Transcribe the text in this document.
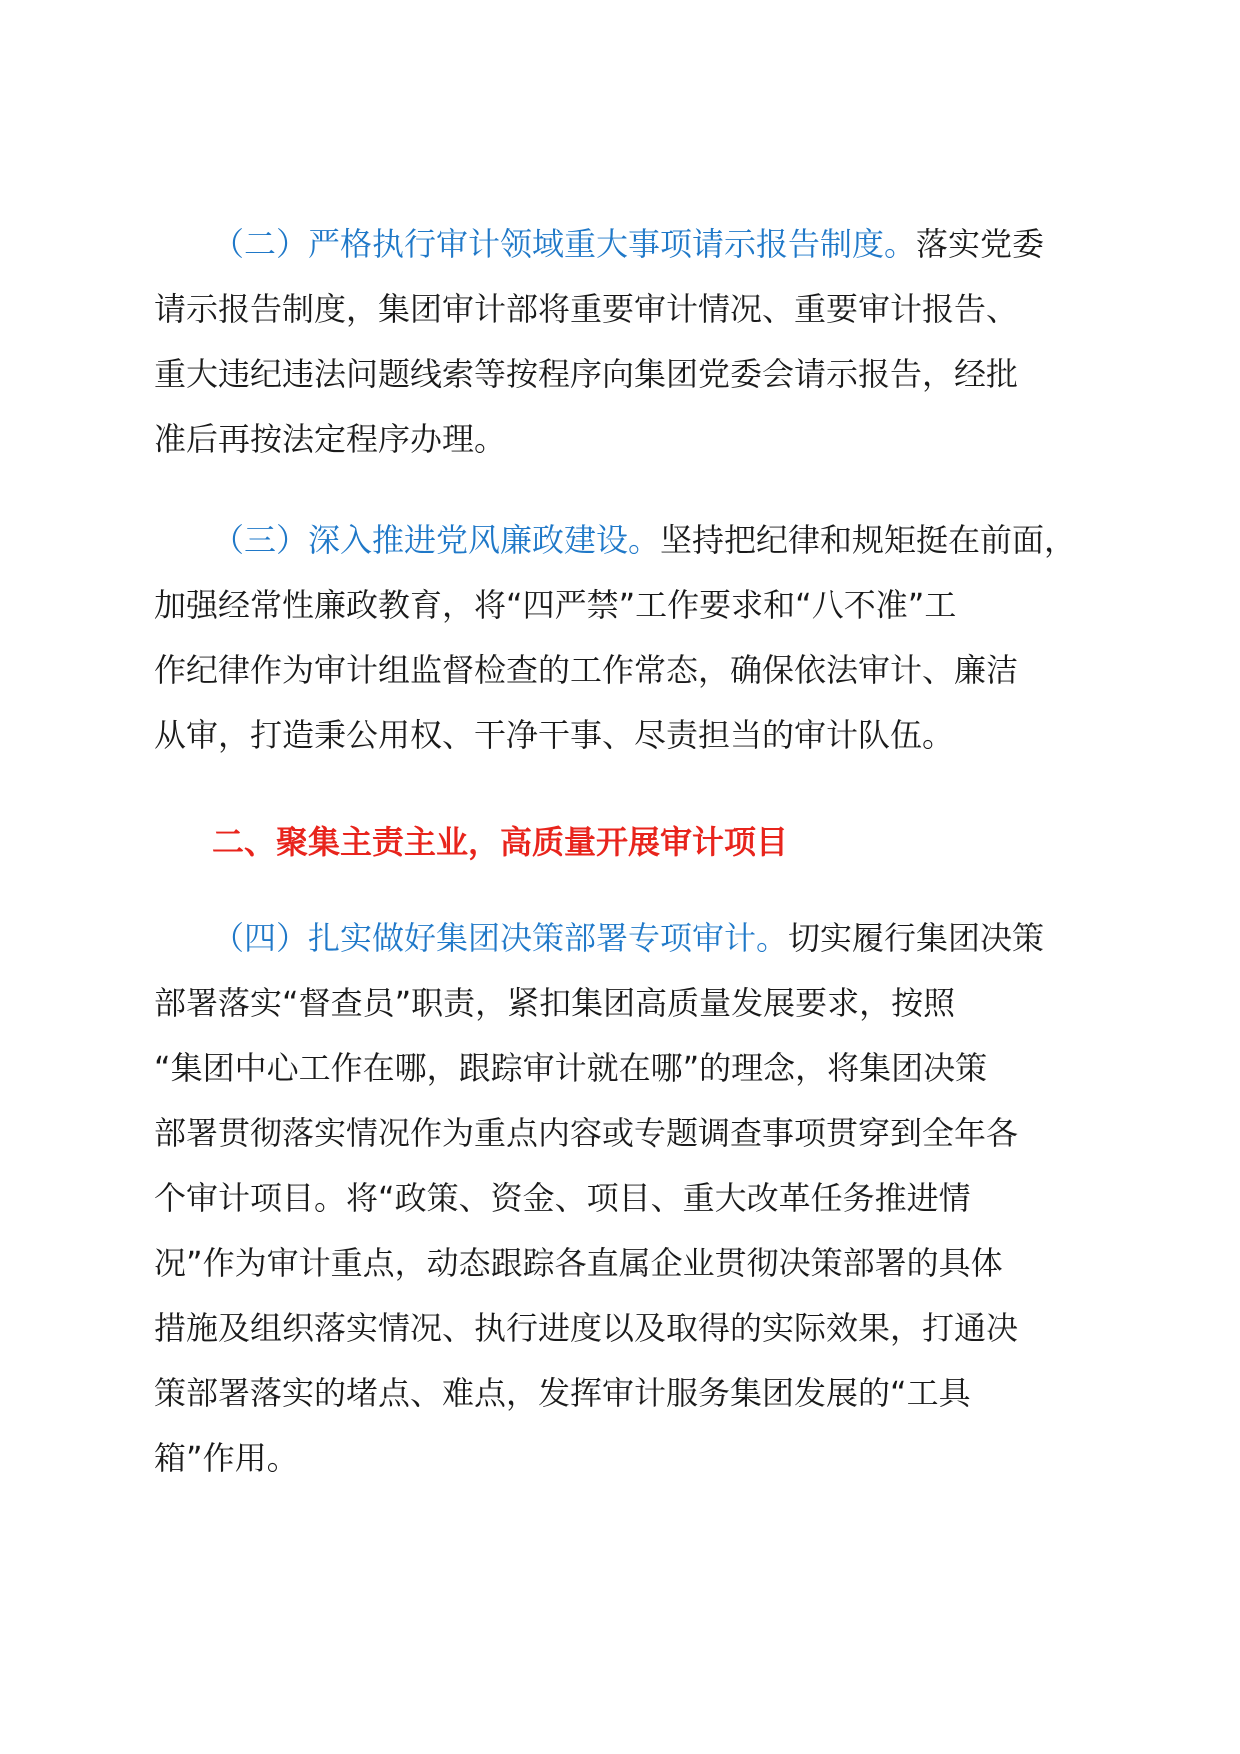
（二）严格执行审计领域重大事项请示报告制度。落实党委
请示报告制度，集团审计部将重要审计情况、重要审计报告、
重大违纪违法问题线索等按程序向集团党委会请示报告，经批
准后再按法定程序办理。
（三）深入推进党风廉政建设。坚持把纪律和规矩挺在前面，
加强经常性廉政教育，将“四严禁”工作要求和“八不准”工
作纪律作为审计组监督检查的工作常态，确保依法审计、廉洁
从审，打造秉公用权、干净干事、尽责担当的审计队伍。
二、聚集主责主业，高质量开展审计项目
（四）扎实做好集团决策部署专项审计。切实履行集团决策
部署落实“督查员”职责，紧扣集团高质量发展要求，按照
“集团中心工作在哪，跟踪审计就在哪”的理念，将集团决策
部署贯彻落实情况作为重点内容或专题调查事项贯穿到全年各
个审计项目。将“政策、资金、项目、重大改革任务推进情
况”作为审计重点，动态跟踪各直属企业贯彻决策部署的具体
措施及组织落实情况、执行进度以及取得的实际效果，打通决
策部署落实的堵点、难点，发挥审计服务集团发展的“工具
箱”作用。
